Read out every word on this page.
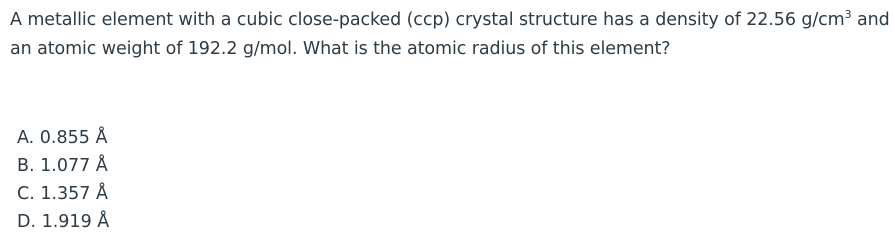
A metallic element with a cubic close-packed (ccp) crystal structure has a density of 22.56 $g/cm^3$ and an atomic weight of 192.2 g/mol. What is the atomic radius of this element?
A. 0.855 Å
B. 1.077 Å
C. 1.357 Å
D. 1.919 Å
